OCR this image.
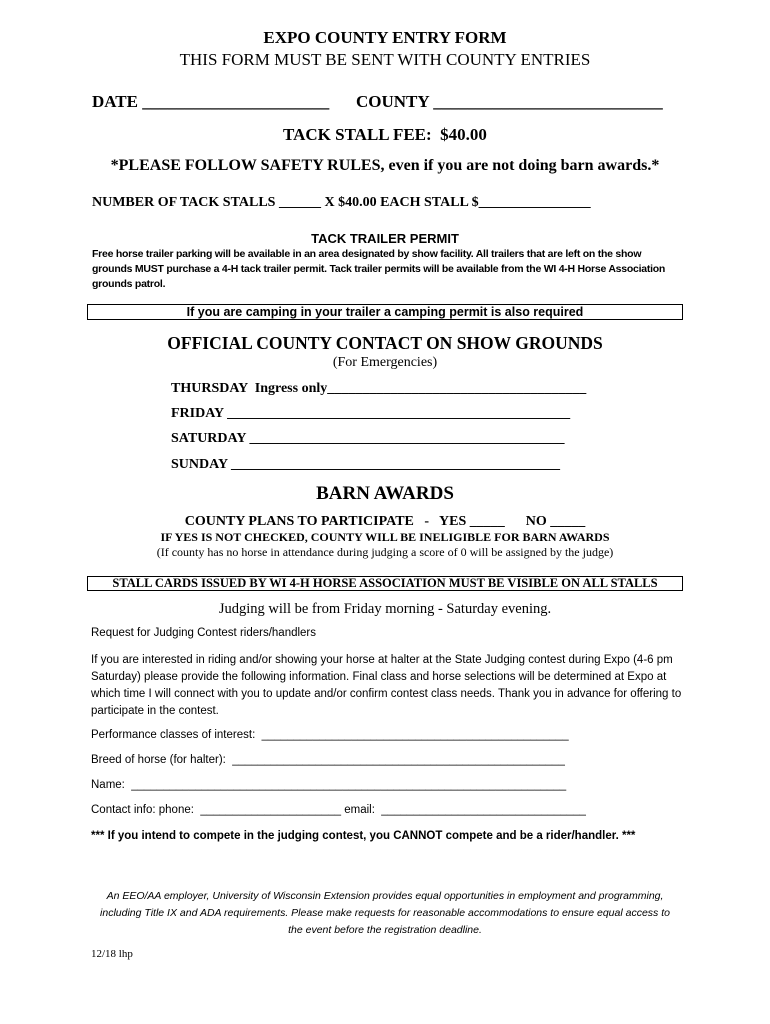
EXPO COUNTY ENTRY FORM
THIS FORM MUST BE SENT WITH COUNTY ENTRIES
DATE ______________________ COUNTY ___________________________
TACK STALL FEE:  $40.00
*PLEASE FOLLOW SAFETY RULES, even if you are not doing barn awards.*
NUMBER OF TACK STALLS ______ X $40.00 EACH STALL $________________
TACK TRAILER PERMIT
Free horse trailer parking will be available in an area designated by show facility. All trailers that are left on the show grounds MUST purchase a 4-H tack trailer permit. Tack trailer permits will be available from the WI 4-H Horse Association grounds patrol.
If you are camping in your trailer a camping permit is also required
OFFICIAL COUNTY CONTACT ON SHOW GROUNDS
(For Emergencies)
THURSDAY  Ingress only_____________________________________
FRIDAY _________________________________________________
SATURDAY _____________________________________________
SUNDAY _______________________________________________
BARN AWARDS
COUNTY PLANS TO PARTICIPATE   -   YES _____      NO _____
IF YES IS NOT CHECKED, COUNTY WILL BE INELIGIBLE FOR BARN AWARDS
(If county has no horse in attendance during judging a score of 0 will be assigned by the judge)
STALL CARDS ISSUED BY WI 4-H HORSE ASSOCIATION MUST BE VISIBLE ON ALL STALLS
Judging will be from Friday morning - Saturday evening.
Request for Judging Contest riders/handlers
If you are interested in riding and/or showing your horse at halter at the State Judging contest during Expo (4-6 pm Saturday) please provide the following information. Final class and horse selections will be determined at Expo at which time I will connect with you to update and/or confirm contest class needs. Thank you in advance for offering to participate in the contest.
Performance classes of interest:  ________________________________________________
Breed of horse (for halter):  ____________________________________________________
Name:  ____________________________________________________________________
Contact info: phone:  ______________________ email:  ________________________________
*** If you intend to compete in the judging contest, you CANNOT compete and be a rider/handler. ***
An EEO/AA employer, University of Wisconsin Extension provides equal opportunities in employment and programming, including Title IX and ADA requirements. Please make requests for reasonable accommodations to ensure equal access to the event before the registration deadline.
12/18 lhp
